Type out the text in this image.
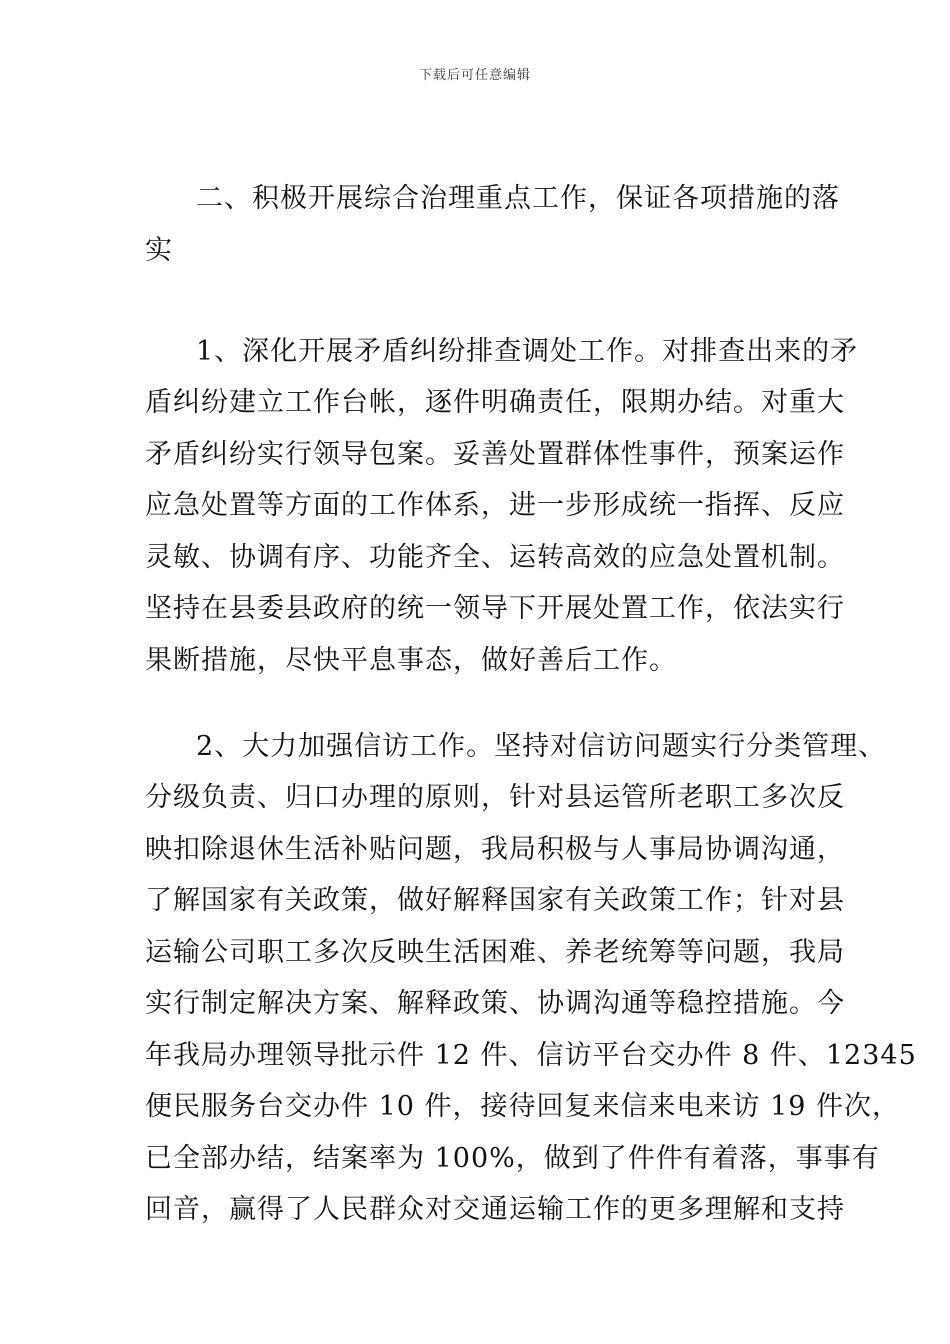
下载后可任意编辑
二、积极开展综合治理重点工作，保证各项措施的落
实
1、深化开展矛盾纠纷排查调处工作。对排查出来的矛
盾纠纷建立工作台帐，逐件明确责任，限期办结。对重大
矛盾纠纷实行领导包案。妥善处置群体性事件，预案运作
应急处置等方面的工作体系，进一步形成统一指挥、反应
灵敏、协调有序、功能齐全、运转高效的应急处置机制。
坚持在县委县政府的统一领导下开展处置工作，依法实行
果断措施，尽快平息事态，做好善后工作。
2、大力加强信访工作。坚持对信访问题实行分类管理、
分级负责、归口办理的原则，针对县运管所老职工多次反
映扣除退休生活补贴问题，我局积极与人事局协调沟通，
了解国家有关政策，做好解释国家有关政策工作；针对县
运输公司职工多次反映生活困难、养老统筹等问题，我局
实行制定解决方案、解释政策、协调沟通等稳控措施。今
年我局办理领导批示件 12 件、信访平台交办件 8 件、12345
便民服务台交办件 10 件，接待回复来信来电来访 19 件次，
已全部办结，结案率为 100%，做到了件件有着落，事事有
回音，赢得了人民群众对交通运输工作的更多理解和支持
